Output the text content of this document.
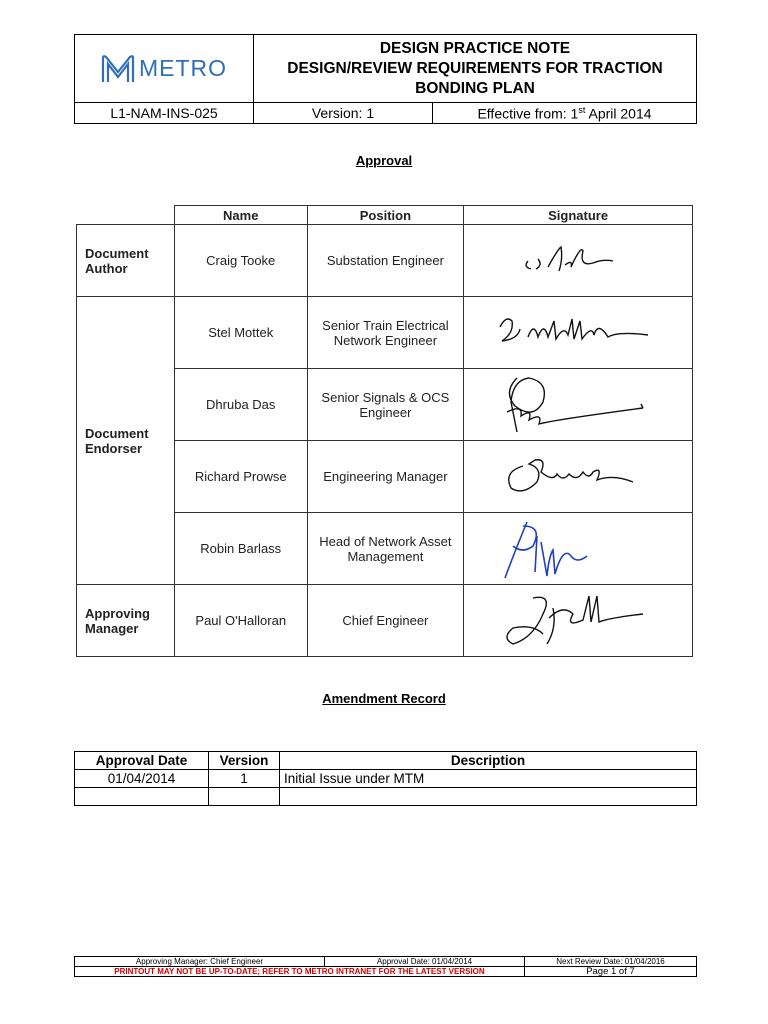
METRO	DESIGN PRACTICE NOTE
DESIGN/REVIEW REQUIREMENTS FOR TRACTION
BONDING PLAN	

L1-NAM-INS-025	Version: 1	Effective from: 1st April 2014
Approval
	Name	Position	Signature
Document Author	Craig Tooke	Substation Engineer	

Document Endorser	Stel Mottek	Senior Train Electrical Network Engineer	

	Dhruba Das	Senior Signals & OCS Engineer	

	Richard Prowse	Engineering Manager	

	Robin Barlass	Head of Network Asset Management	

Approving Manager	Paul O'Halloran	Chief Engineer	
Amendment Record
Approval Date	Version	Description
01/04/2014	1	Initial Issue under MTM

Approving Manager: Chief Engineer	Approval Date: 01/04/2014	Next Review Date: 01/04/2016
PRINTOUT MAY NOT BE UP-TO-DATE; REFER TO METRO INTRANET FOR THE LATEST VERSION		Page 1 of 7
